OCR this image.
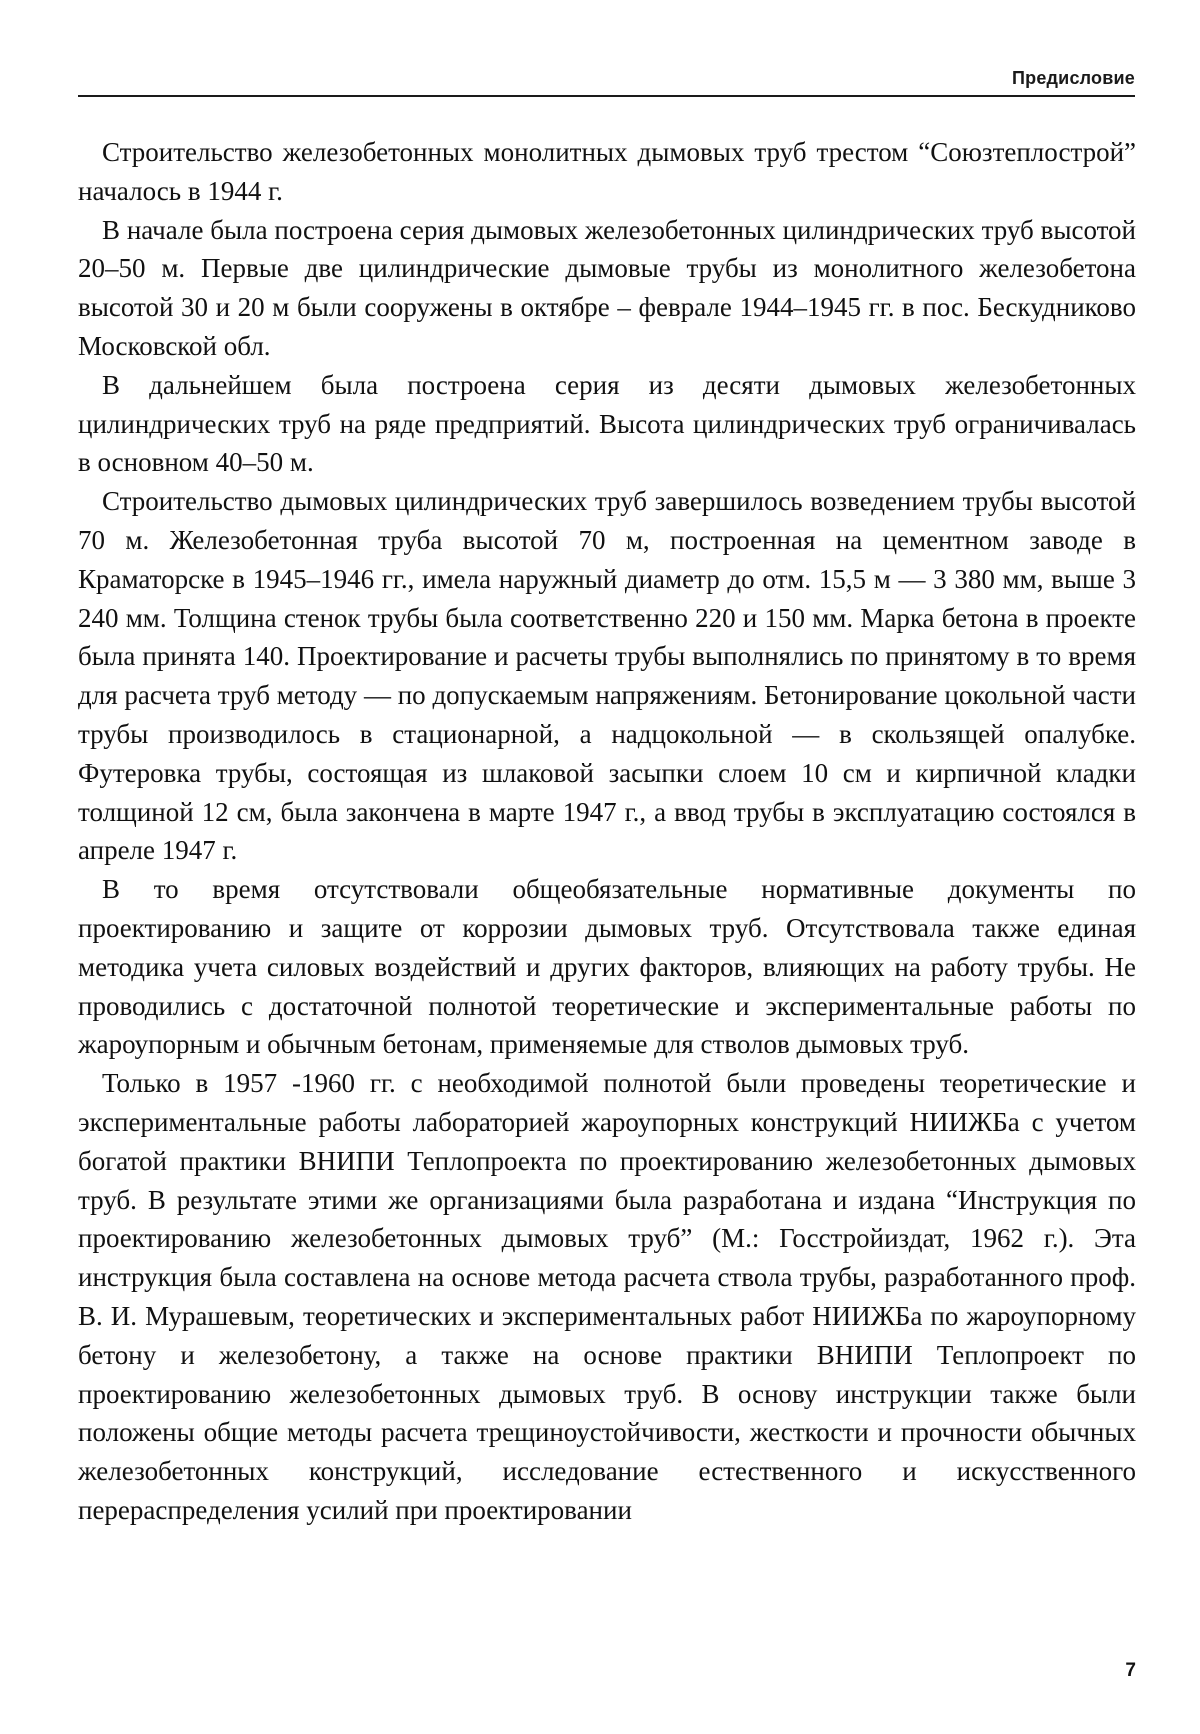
Предисловие

Строительство железобетонных монолитных дымовых труб трестом “Союзтеплострой” началось в 1944 г.

В начале была построена серия дымовых железобетонных цилиндрических труб высотой 20–50 м. Первые две цилиндрические дымовые трубы из монолитного железобетона высотой 30 и 20 м были сооружены в октябре – феврале 1944–1945 гг. в пос. Бескудниково Московской обл.

В дальнейшем была построена серия из десяти дымовых железобетонных цилиндрических труб на ряде предприятий. Высота цилиндрических труб ограничивалась в основном 40–50 м.

Строительство дымовых цилиндрических труб завершилось возведением трубы высотой 70 м. Железобетонная труба высотой 70 м, построенная на цементном заводе в Краматорске в 1945–1946 гг., имела наружный диаметр до отм. 15,5 м — 3 380 мм, выше 3 240 мм. Толщина стенок трубы была соответственно 220 и 150 мм. Марка бетона в проекте была принята 140. Проектирование и расчеты трубы выполнялись по принятому в то время для расчета труб методу — по допускаемым напряжениям. Бетонирование цокольной части трубы производилось в стационарной, а надцокольной — в скользящей опалубке. Футеровка трубы, состоящая из шлаковой засыпки слоем 10 см и кирпичной кладки толщиной 12 см, была закончена в марте 1947 г., а ввод трубы в эксплуатацию состоялся в апреле 1947 г.

В то время отсутствовали общеобязательные нормативные документы по проектированию и защите от коррозии дымовых труб. Отсутствовала также единая методика учета силовых воздействий и других факторов, влияющих на работу трубы. Не проводились с достаточной полнотой теоретические и экспериментальные работы по жароупорным и обычным бетонам, применяемые для стволов дымовых труб.

Только в 1957 -1960 гг. с необходимой полнотой были проведены теоретические и экспериментальные работы лабораторией жароупорных конструкций НИИЖБа с учетом богатой практики ВНИПИ Теплопроекта по проектированию железобетонных дымовых труб. В результате этими же организациями была разработана и издана “Инструкция по проектированию железобетонных дымовых труб” (М.: Госстройиздат, 1962 г.). Эта инструкция была составлена на основе метода расчета ствола трубы, разработанного проф. В. И. Мурашевым, теоретических и экспериментальных работ НИИЖБа по жароупорному бетону и железобетону, а также на основе практики ВНИПИ Теплопроект по проектированию железобетонных дымовых труб. В основу инструкции также были положены общие методы расчета трещиноустойчивости, жесткости и прочности обычных железобетонных конструкций, исследование естественного и искусственного перераспределения усилий при проектировании

7
